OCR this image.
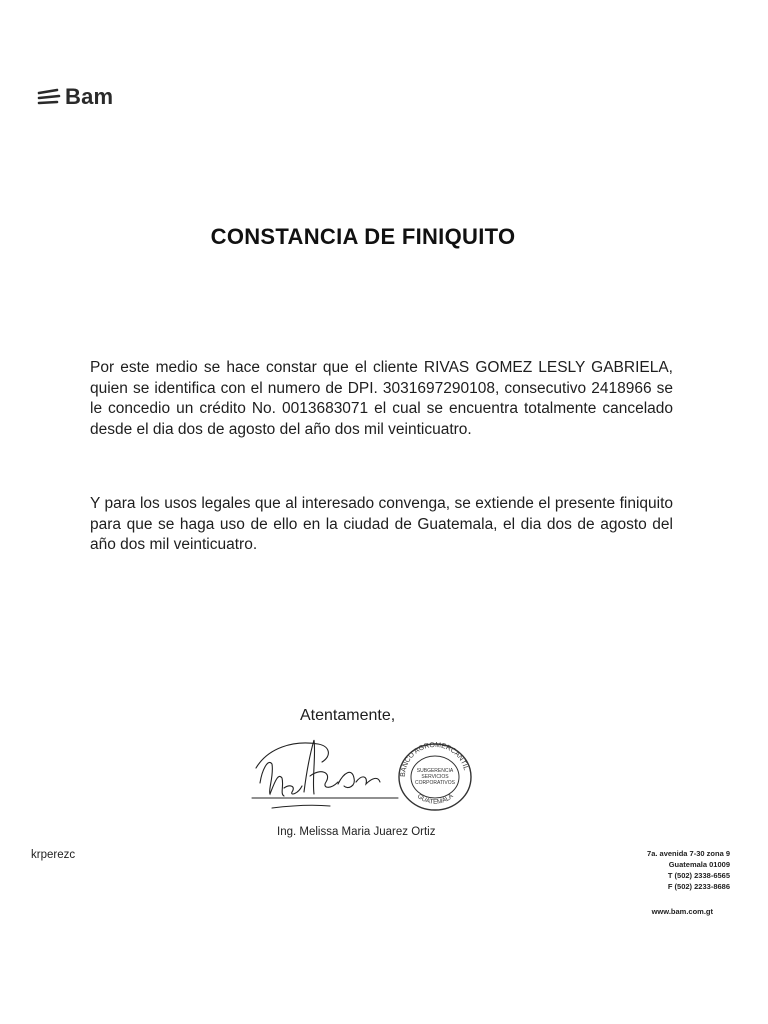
Bam
CONSTANCIA DE FINIQUITO
Por este medio se hace constar que el cliente RIVAS GOMEZ LESLY GABRIELA, quien se identifica con el numero de DPI. 3031697290108, consecutivo 2418966 se le concedio un crédito No. 0013683071 el cual se encuentra totalmente cancelado desde el dia dos de agosto del año dos mil veinticuatro.
Y para los usos legales que al interesado convenga, se extiende el presente finiquito para que se haga uso de ello en la ciudad de Guatemala, el dia dos de agosto del año dos mil veinticuatro.
Atentamente,
BANCO AGROMERCANTIL
GUATEMALA
SUBGERENCIA
SERVICIOS
CORPORATIVOS
Ing. Melissa Maria Juarez Ortiz
krperezc	7a. avenida 7-30 zona 9
Guatemala 01009
T (502) 2338-6565
F (502) 2233-8686
www.bam.com.gt
